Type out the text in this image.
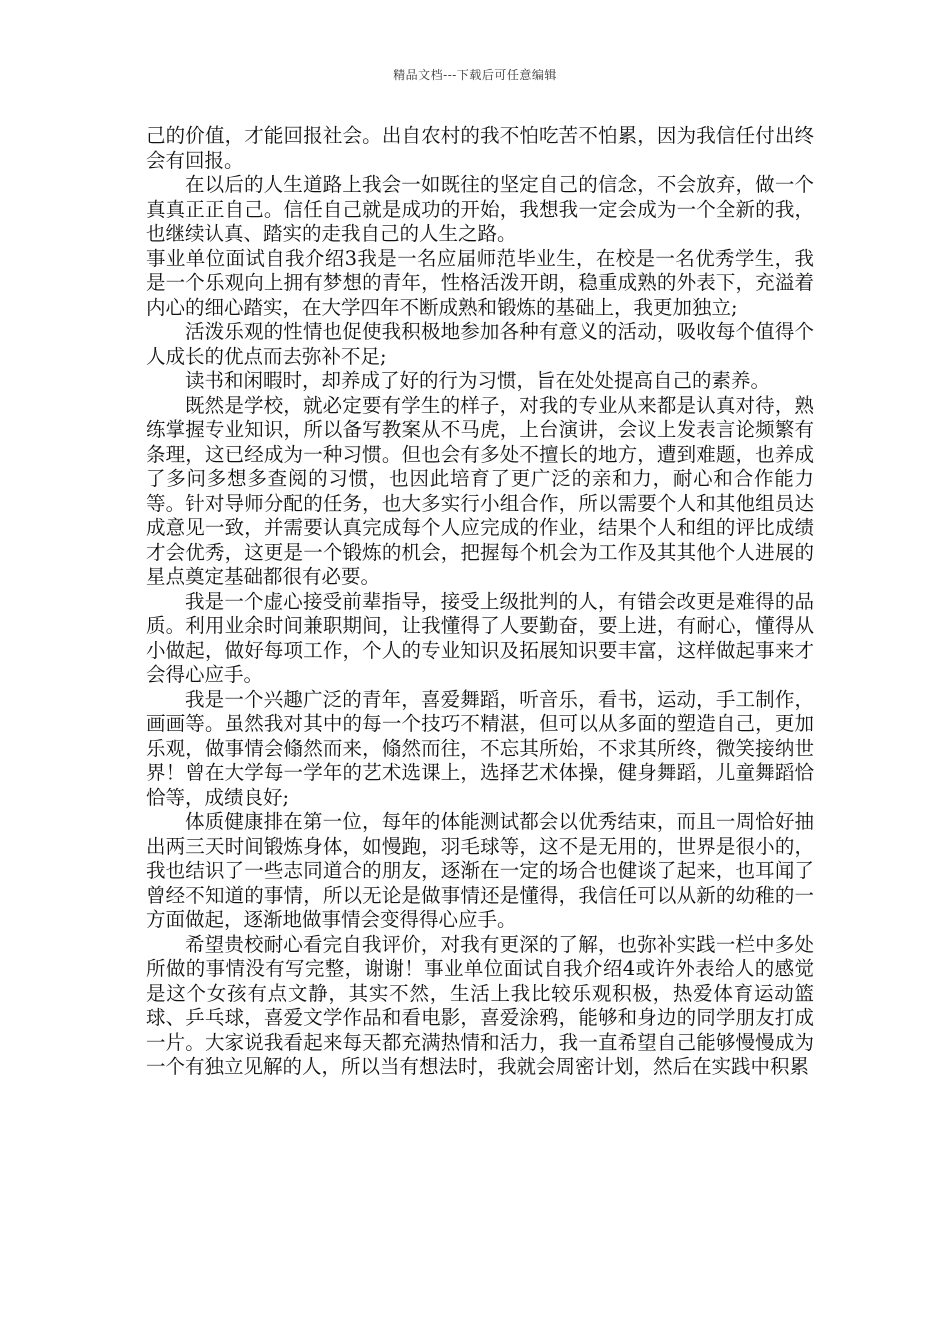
精品文档---下载后可任意编辑

己的价值，才能回报社会。出自农村的我不怕吃苦不怕累，因为我信任付出终会有回报。

在以后的人生道路上我会一如既往的坚定自己的信念，不会放弃，做一个真真正正自己。信任自己就是成功的开始，我想我一定会成为一个全新的我，也继续认真、踏实的走我自己的人生之路。

事业单位面试自我介绍3我是一名应届师范毕业生，在校是一名优秀学生，我是一个乐观向上拥有梦想的青年，性格活泼开朗，稳重成熟的外表下，充溢着内心的细心踏实，在大学四年不断成熟和锻炼的基础上，我更加独立;

活泼乐观的性情也促使我积极地参加各种有意义的活动，吸收每个值得个人成长的优点而去弥补不足;

读书和闲暇时，却养成了好的行为习惯，旨在处处提高自己的素养。

既然是学校，就必定要有学生的样子，对我的专业从来都是认真对待，熟练掌握专业知识，所以备写教案从不马虎，上台演讲，会议上发表言论频繁有条理，这已经成为一种习惯。但也会有多处不擅长的地方，遭到难题，也养成了多问多想多查阅的习惯，也因此培育了更广泛的亲和力，耐心和合作能力等。针对导师分配的任务，也大多实行小组合作，所以需要个人和其他组员达成意见一致，并需要认真完成每个人应完成的作业，结果个人和组的评比成绩才会优秀，这更是一个锻炼的机会，把握每个机会为工作及其其他个人进展的星点奠定基础都很有必要。

我是一个虚心接受前辈指导，接受上级批判的人，有错会改更是难得的品质。利用业余时间兼职期间，让我懂得了人要勤奋，要上进，有耐心，懂得从小做起，做好每项工作，个人的专业知识及拓展知识要丰富，这样做起事来才会得心应手。

我是一个兴趣广泛的青年，喜爱舞蹈，听音乐，看书，运动，手工制作，画画等。虽然我对其中的每一个技巧不精湛，但可以从多面的塑造自己，更加乐观，做事情会翛然而来，翛然而往，不忘其所始，不求其所终，微笑接纳世界！曾在大学每一学年的艺术选课上，选择艺术体操，健身舞蹈，儿童舞蹈恰恰等，成绩良好;

体质健康排在第一位，每年的体能测试都会以优秀结束，而且一周恰好抽出两三天时间锻炼身体，如慢跑，羽毛球等，这不是无用的，世界是很小的，我也结识了一些志同道合的朋友，逐渐在一定的场合也健谈了起来，也耳闻了曾经不知道的事情，所以无论是做事情还是懂得，我信任可以从新的幼稚的一方面做起，逐渐地做事情会变得得心应手。

希望贵校耐心看完自我评价，对我有更深的了解，也弥补实践一栏中多处所做的事情没有写完整，谢谢！事业单位面试自我介绍4或许外表给人的感觉是这个女孩有点文静，其实不然，生活上我比较乐观积极，热爱体育运动篮球、乒乓球，喜爱文学作品和看电影，喜爱涂鸦，能够和身边的同学朋友打成一片。大家说我看起来每天都充满热情和活力，我一直希望自己能够慢慢成为一个有独立见解的人，所以当有想法时，我就会周密计划，然后在实践中积累
